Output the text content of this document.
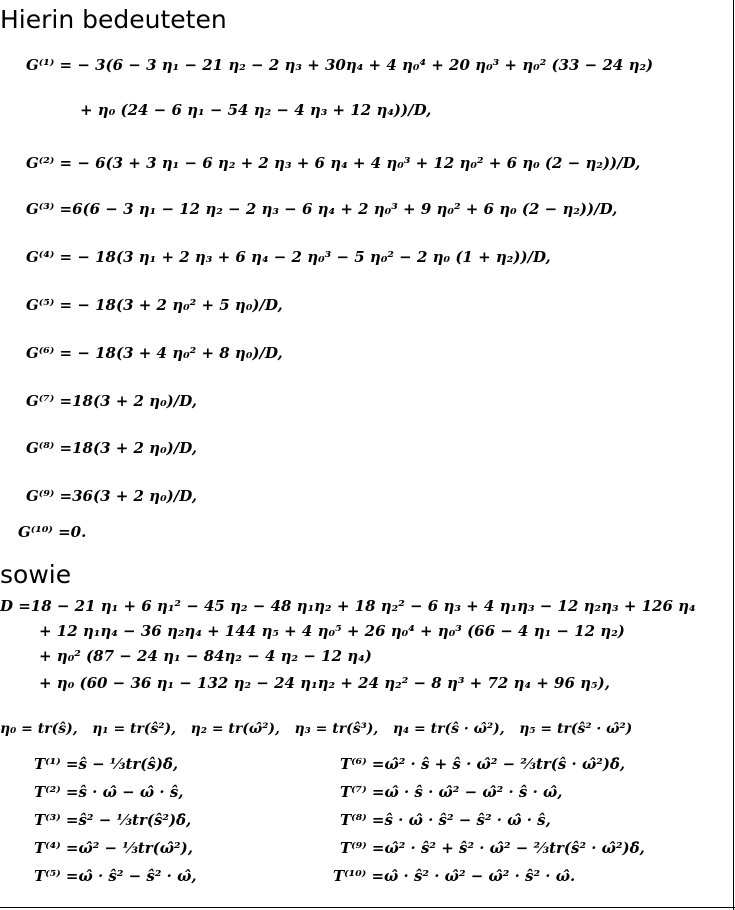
Hierin bedeuteten
G⁽¹⁾ = − 3(6 − 3 η₁ − 21 η₂ − 2 η₃ + 30η₄ + 4 η₀⁴ + 20 η₀³ + η₀² (33 − 24 η₂)
+ η₀ (24 − 6 η₁ − 54 η₂ − 4 η₃ + 12 η₄))/D,
G⁽²⁾ = − 6(3 + 3 η₁ − 6 η₂ + 2 η₃ + 6 η₄ + 4 η₀³ + 12 η₀² + 6 η₀ (2 − η₂))/D,
G⁽³⁾ =6(6 − 3 η₁ − 12 η₂ − 2 η₃ − 6 η₄ + 2 η₀³ + 9 η₀² + 6 η₀ (2 − η₂))/D,
G⁽⁴⁾ = − 18(3 η₁ + 2 η₃ + 6 η₄ − 2 η₀³ − 5 η₀² − 2 η₀ (1 + η₂))/D,
G⁽⁵⁾ = − 18(3 + 2 η₀² + 5 η₀)/D,
G⁽⁶⁾ = − 18(3 + 4 η₀² + 8 η₀)/D,
G⁽⁷⁾ =18(3 + 2 η₀)/D,
G⁽⁸⁾ =18(3 + 2 η₀)/D,
G⁽⁹⁾ =36(3 + 2 η₀)/D,
G⁽¹⁰⁾ =0.
sowie
D =18 − 21 η₁ + 6 η₁² − 45 η₂ − 48 η₁η₂ + 18 η₂² − 6 η₃ + 4 η₁η₃ − 12 η₂η₃ + 126 η₄
+ 12 η₁η₄ − 36 η₂η₄ + 144 η₅ + 4 η₀⁵ + 26 η₀⁴ + η₀³ (66 − 4 η₁ − 12 η₂)
+ η₀² (87 − 24 η₁ − 84η₂ − 4 η₂ − 12 η₄)
+ η₀ (60 − 36 η₁ − 132 η₂ − 24 η₁η₂ + 24 η₂² − 8 η³ + 72 η₄ + 96 η₅),
η₀ = tr(ŝ),   η₁ = tr(ŝ²),   η₂ = tr(ω̂²),   η₃ = tr(ŝ³),   η₄ = tr(ŝ · ω̂²),   η₅ = tr(ŝ² · ω̂²)
T⁽¹⁾ =ŝ − ⅓tr(ŝ)δ̂,
T⁽²⁾ =ŝ · ω̂ − ω̂ · ŝ,
T⁽³⁾ =ŝ² − ⅓tr(ŝ²)δ̂,
T⁽⁴⁾ =ω̂² − ⅓tr(ω̂²),
T⁽⁵⁾ =ω̂ · ŝ² − ŝ² · ω̂,
T⁽⁶⁾ =ω̂² · ŝ + ŝ · ω̂² − ⅔tr(ŝ · ω̂²)δ̂,
T⁽⁷⁾ =ω̂ · ŝ · ω̂² − ω̂² · ŝ · ω̂,
T⁽⁸⁾ =ŝ · ω̂ · ŝ² − ŝ² · ω̂ · ŝ,
T⁽⁹⁾ =ω̂² · ŝ² + ŝ² · ω̂² − ⅔tr(ŝ² · ω̂²)δ̂,
T⁽¹⁰⁾ =ω̂ · ŝ² · ω̂² − ω̂² · ŝ² · ω̂.
